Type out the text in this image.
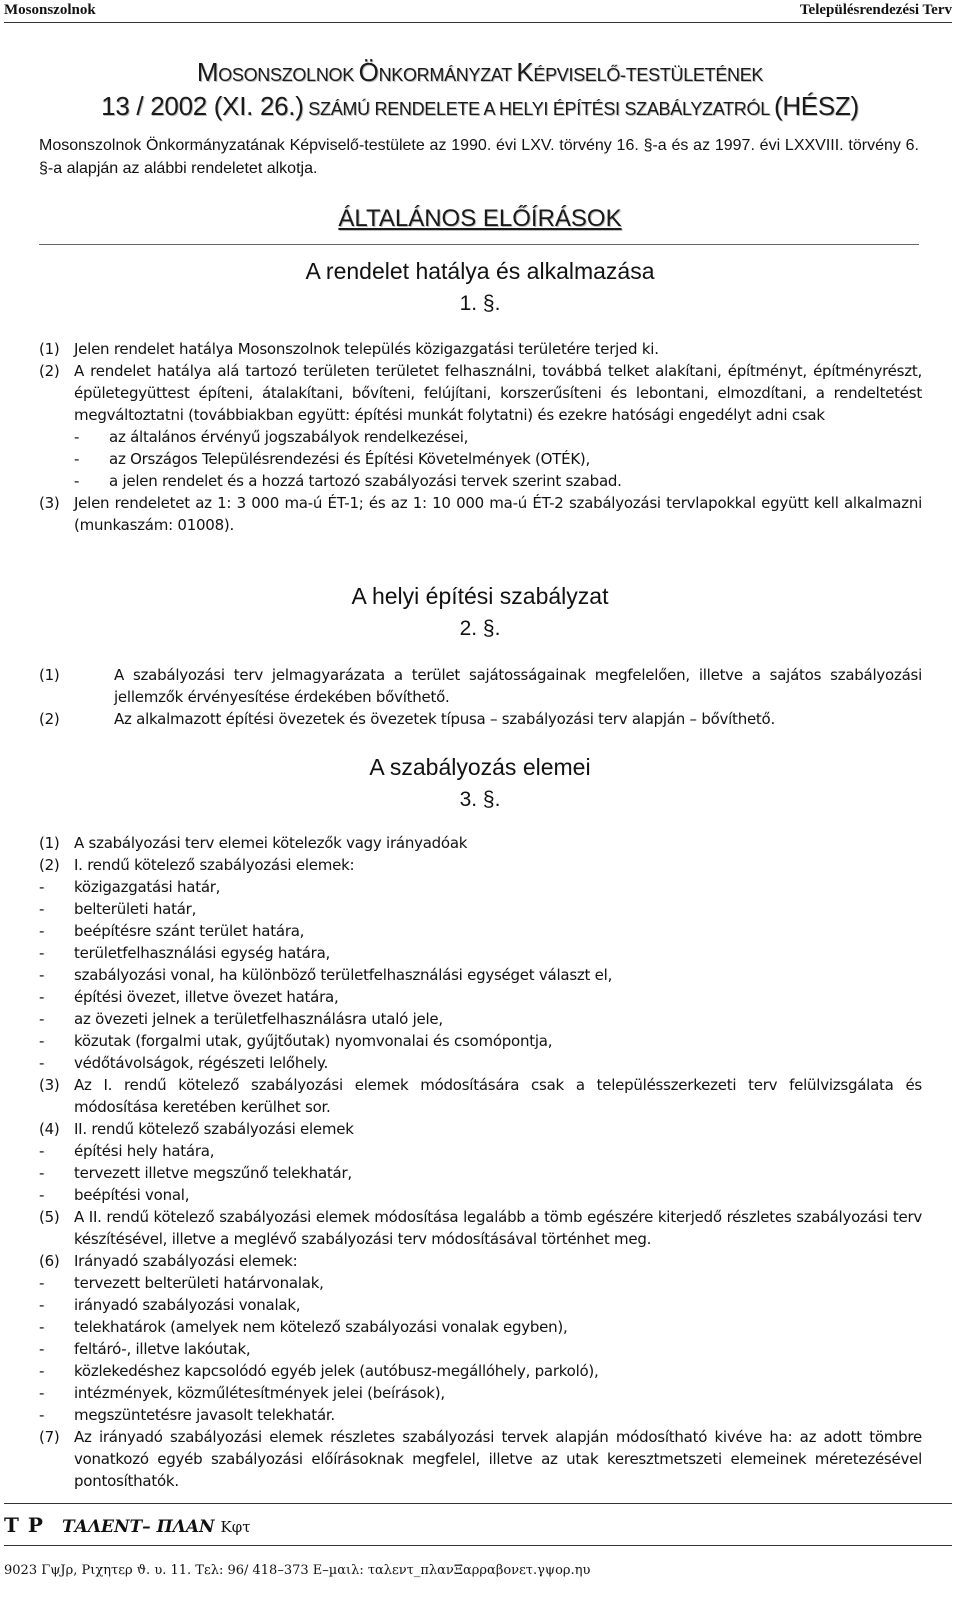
Mosonszolnok	Településrendezési Terv
MOSONSZOLNOK ÖNKORMÁNYZAT KÉPVISELŐ-TESTÜLETÉNEK
13 / 2002 (XI. 26.) SZÁMÚ RENDELETE A HELYI ÉPÍTÉSI SZABÁLYZATRÓL (HÉSZ)
Mosonszolnok Önkormányzatának Képviselő-testülete az 1990. évi LXV. törvény 16. §-a és az 1997. évi LXXVIII. törvény 6. §-a alapján az alábbi rendeletet alkotja.
ÁLTALÁNOS ELŐÍRÁSOK
A rendelet hatálya és alkalmazása
1. §.
(1) Jelen rendelet hatálya Mosonszolnok település közigazgatási területére terjed ki.
(2) A rendelet hatálya alá tartozó területen területet felhasználni, továbbá telket alakítani, építményt, építményrészt, épületegyüttest építeni, átalakítani, bővíteni, felújítani, korszerűsíteni és lebontani, elmozdítani, a rendeltetést megváltoztatni (továbbiakban együtt: építési munkát folytatni) és ezekre hatósági engedélyt adni csak
- az általános érvényű jogszabályok rendelkezései,
- az Országos Településrendezési és Építési Követelmények (OTÉK),
- a jelen rendelet és a hozzá tartozó szabályozási tervek szerint szabad.
(3) Jelen rendeletet az 1: 3 000 ma-ú ÉT-1; és az 1: 10 000 ma-ú ÉT-2 szabályozási tervlapokkal együtt kell alkalmazni (munkaszám: 01008).
A helyi építési szabályzat
2. §.
(1)	A szabályozási terv jelmagyarázata a terület sajátosságainak megfelelően, illetve a sajátos szabályozási jellemzők érvényesítése érdekében bővíthető.
(2)	Az alkalmazott építési övezetek és övezetek típusa – szabályozási terv alapján – bővíthető.
A szabályozás elemei
3. §.
(1) A szabályozási terv elemei kötelezők vagy irányadóak
(2) I. rendű kötelező szabályozási elemek:
- közigazgatási határ,
- belterületi határ,
- beépítésre szánt terület határa,
- területfelhasználási egység határa,
- szabályozási vonal, ha különböző területfelhasználási egységet választ el,
- építési övezet, illetve övezet határa,
- az övezeti jelnek a területfelhasználásra utaló jele,
- közutak (forgalmi utak, gyűjtőutak) nyomvonalai és csomópontja,
- védőtávolságok, régészeti lelőhely.
(3) Az I. rendű kötelező szabályozási elemek módosítására csak a településszerkezeti terv felülvizsgálata és módosítása keretében kerülhet sor.
(4) II. rendű kötelező szabályozási elemek
- építési hely határa,
- tervezett illetve megszűnő telekhatár,
- beépítési vonal,
(5) A II. rendű kötelező szabályozási elemek módosítása legalább a tömb egészére kiterjedő részletes szabályozási terv készítésével, illetve a meglévő szabályozási terv módosításával történhet meg.
(6) Irányadó szabályozási elemek:
- tervezett belterületi határvonalak,
- irányadó szabályozási vonalak,
- telekhatárok (amelyek nem kötelező szabályozási vonalak egyben),
- feltáró-, illetve lakóutak,
- közlekedéshez kapcsolódó egyéb jelek (autóbusz-megállóhely, parkoló),
- intézmények, közműlétesítmények jelei (beírások),
- megszüntetésre javasolt telekhatár.
(7) Az irányadó szabályozási elemek részletes szabályozási tervek alapján módosítható kivéve ha: az adott tömbre vonatkozó egyéb szabályozási előírásoknak megfelel, illetve az utak keresztmetszeti elemeinek méretezésével pontosíthatók.
T P ΤΑΛΕΝΤ– ΠΛΑΝ Κφτ
9023 ΓψJρ, Ριχητερ ϑ. υ. 11. Τελ: 96/ 418–373 Ε–µαιλ: ταλεντ_πλανΞαρραβονετ.γψορ.ηυ
